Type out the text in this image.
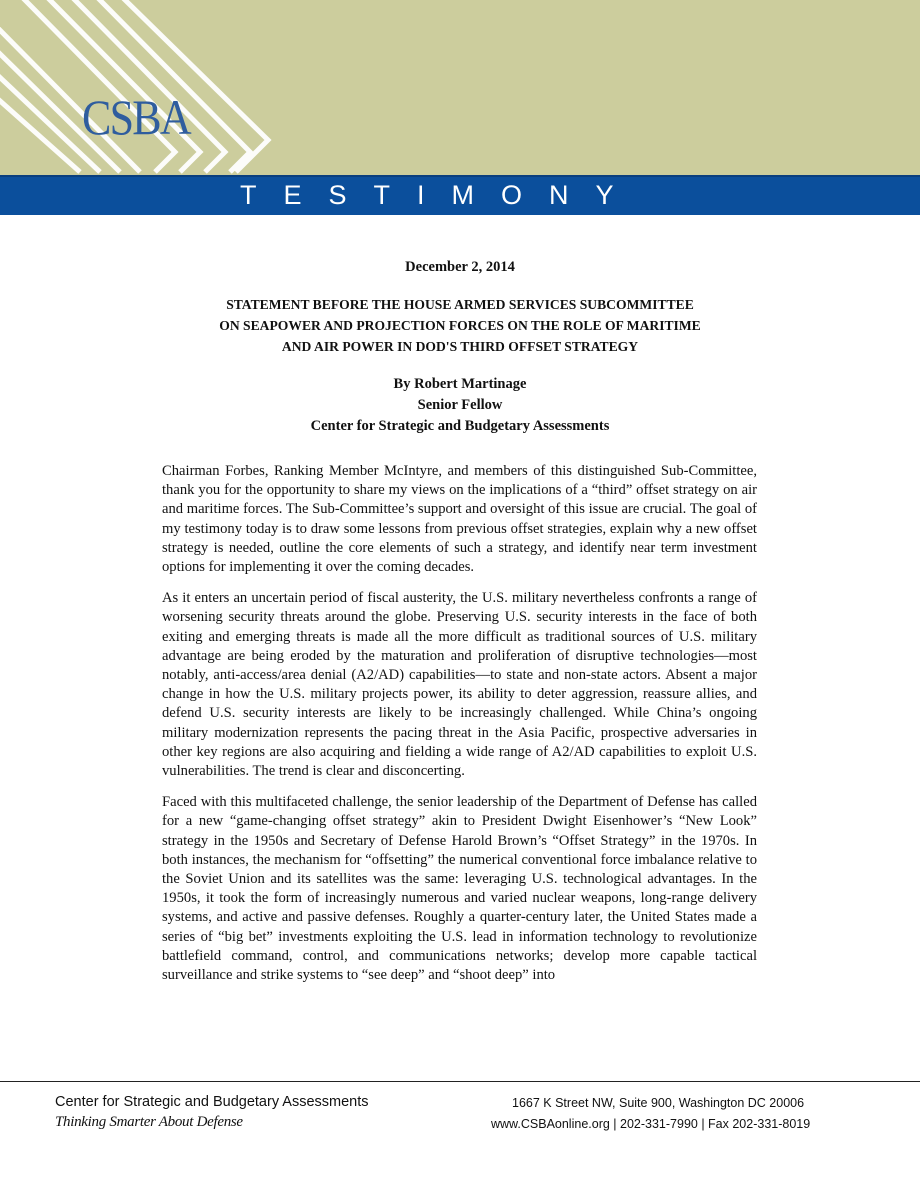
CSBA
TESTIMONY
December 2, 2014
STATEMENT BEFORE THE HOUSE ARMED SERVICES SUBCOMMITTEE
ON SEAPOWER AND PROJECTION FORCES ON THE ROLE OF MARITIME
AND AIR POWER IN DOD'S THIRD OFFSET STRATEGY
By Robert Martinage
Senior Fellow
Center for Strategic and Budgetary Assessments

Chairman Forbes, Ranking Member McIntyre, and members of this distinguished Sub-Committee, thank you for the opportunity to share my views on the implications of a “third” offset strategy on air and maritime forces. The Sub-Committee’s support and oversight of this issue are crucial. The goal of my testimony today is to draw some lessons from previous offset strategies, explain why a new offset strategy is needed, outline the core elements of such a strategy, and identify near term investment options for implementing it over the coming decades.

As it enters an uncertain period of fiscal austerity, the U.S. military nevertheless confronts a range of worsening security threats around the globe. Preserving U.S. security interests in the face of both exiting and emerging threats is made all the more difficult as traditional sources of U.S. military advantage are being eroded by the maturation and proliferation of disruptive technologies—most notably, anti-access/area denial (A2/AD) capabilities—to state and non-state actors. Absent a major change in how the U.S. military projects power, its ability to deter aggression, reassure allies, and defend U.S. security interests are likely to be increasingly challenged. While China’s ongoing military modernization represents the pacing threat in the Asia Pacific, prospective adversaries in other key regions are also acquiring and fielding a wide range of A2/AD capabilities to exploit U.S. vulnerabilities. The trend is clear and disconcerting.

Faced with this multifaceted challenge, the senior leadership of the Department of Defense has called for a new “game-changing offset strategy” akin to President Dwight Eisenhower’s “New Look” strategy in the 1950s and Secretary of Defense Harold Brown’s “Offset Strategy” in the 1970s. In both instances, the mechanism for “offsetting” the numerical conventional force imbalance relative to the Soviet Union and its satellites was the same: leveraging U.S. technological advantages. In the 1950s, it took the form of increasingly numerous and varied nuclear weapons, long-range delivery systems, and active and passive defenses. Roughly a quarter-century later, the United States made a series of “big bet” investments exploiting the U.S. lead in information technology to revolutionize battlefield command, control, and communications networks; develop more capable tactical surveillance and strike systems to “see deep” and “shoot deep” into

Center for Strategic and Budgetary Assessments
Thinking Smarter About Defense
1667 K Street NW, Suite 900, Washington DC 20006
www.CSBAonline.org | 202-331-7990 | Fax 202-331-8019
